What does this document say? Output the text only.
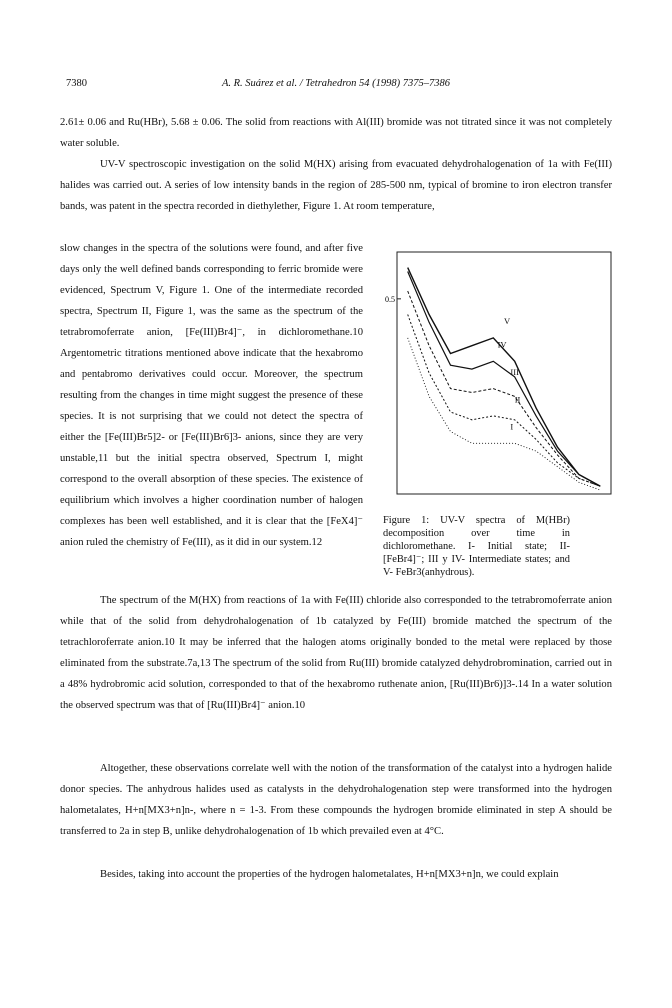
7380	A. R. Suárez et al. / Tetrahedron 54 (1998) 7375–7386

2.61± 0.06 and Ru(HBr), 5.68 ± 0.06. The solid from reactions with Al(III) bromide was not titrated since it was not completely water soluble.

UV-V spectroscopic investigation on the solid M(HX) arising from evacuated dehydrohalogenation of 1a with Fe(III) halides was carried out. A series of low intensity bands in the region of 285-500 nm, typical of bromine to iron electron transfer bands, was patent in the spectra recorded in diethylether, Figure 1. At room temperature,

slow changes in the spectra of the solutions were found, and after five days only the well defined bands corresponding to ferric bromide were evidenced, Spectrum V, Figure 1. One of the intermediate recorded spectra, Spectrum II, Figure 1, was the same as the spectrum of the tetrabromoferrate anion, [Fe(III)Br4]⁻, in dichloromethane.10 Argentometric titrations mentioned above indicate that the hexabromo and pentabromo derivatives could occur. Moreover, the spectrum resulting from the changes in time might suggest the presence of these species. It is not surprising that we could not detect the spectra of either the [Fe(III)Br5]2- or [Fe(III)Br6]3- anions, since they are very unstable,11 but the initial spectra observed, Spectrum I, might correspond to the overall absorption of these species. The existence of equilibrium which involves a higher coordination number of halogen complexes has been well established, and it is clear that the [FeX4]⁻ anion ruled the chemistry of Fe(III), as it did in our system.12

V
IV
III
II
I
0.5
Figure 1: UV-V spectra of M(HBr) decomposition over time in dichloromethane. I- Initial state; II- [FeBr4]⁻; III y IV- Intermediate states; and V- FeBr3(anhydrous).

The spectrum of the M(HX) from reactions of 1a with Fe(III) chloride also corresponded to the tetrabromoferrate anion while that of the solid from dehydrohalogenation of 1b catalyzed by Fe(III) bromide matched the spectrum of the tetrachloroferrate anion.10 It may be inferred that the halogen atoms originally bonded to the metal were replaced by those eliminated from the substrate.7a,13 The spectrum of the solid from Ru(III) bromide catalyzed dehydrobromination, carried out in a 48% hydrobromic acid solution, corresponded to that of the hexabromo ruthenate anion, [Ru(III)Br6)]3-.14 In a water solution the observed spectrum was that of [Ru(III)Br4]⁻ anion.10

Altogether, these observations correlate well with the notion of the transformation of the catalyst into a hydrogen halide donor species. The anhydrous halides used as catalysts in the dehydrohalogenation step were transformed into the hydrogen halometalates, H+n[MX3+n]n-, where n = 1-3. From these compounds the hydrogen bromide eliminated in step A should be transferred to 2a in step B, unlike dehydrohalogenation of 1b which prevailed even at 4°C.

Besides, taking into account the properties of the hydrogen halometalates, H+n[MX3+n]n, we could explain
